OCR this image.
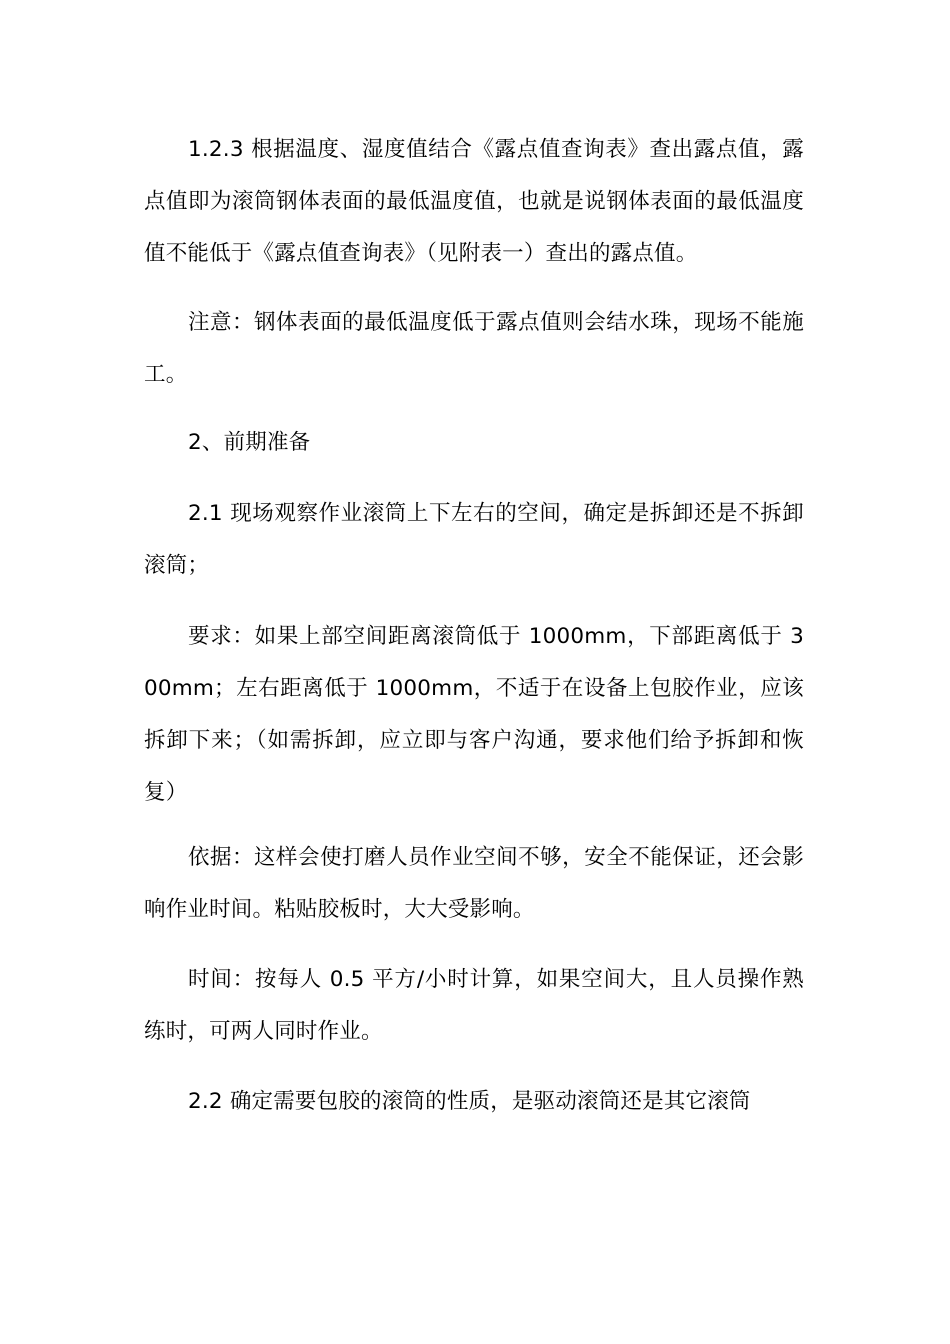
1.2.3 根据温度、湿度值结合《露点值查询表》查出露点值，露点值即为滚筒钢体表面的最低温度值，也就是说钢体表面的最低温度值不能低于《露点值查询表》（见附表一）查出的露点值。

注意：钢体表面的最低温度低于露点值则会结水珠，现场不能施工。

2、前期准备

2.1 现场观察作业滚筒上下左右的空间，确定是拆卸还是不拆卸滚筒；

要求：如果上部空间距离滚筒低于 1000mm，下部距离低于 300mm；左右距离低于 1000mm，不适于在设备上包胶作业，应该拆卸下来；（如需拆卸，应立即与客户沟通，要求他们给予拆卸和恢复）

依据：这样会使打磨人员作业空间不够，安全不能保证，还会影响作业时间。粘贴胶板时，大大受影响。

时间：按每人 0.5 平方/小时计算，如果空间大，且人员操作熟练时，可两人同时作业。

2.2 确定需要包胶的滚筒的性质，是驱动滚筒还是其它滚筒
